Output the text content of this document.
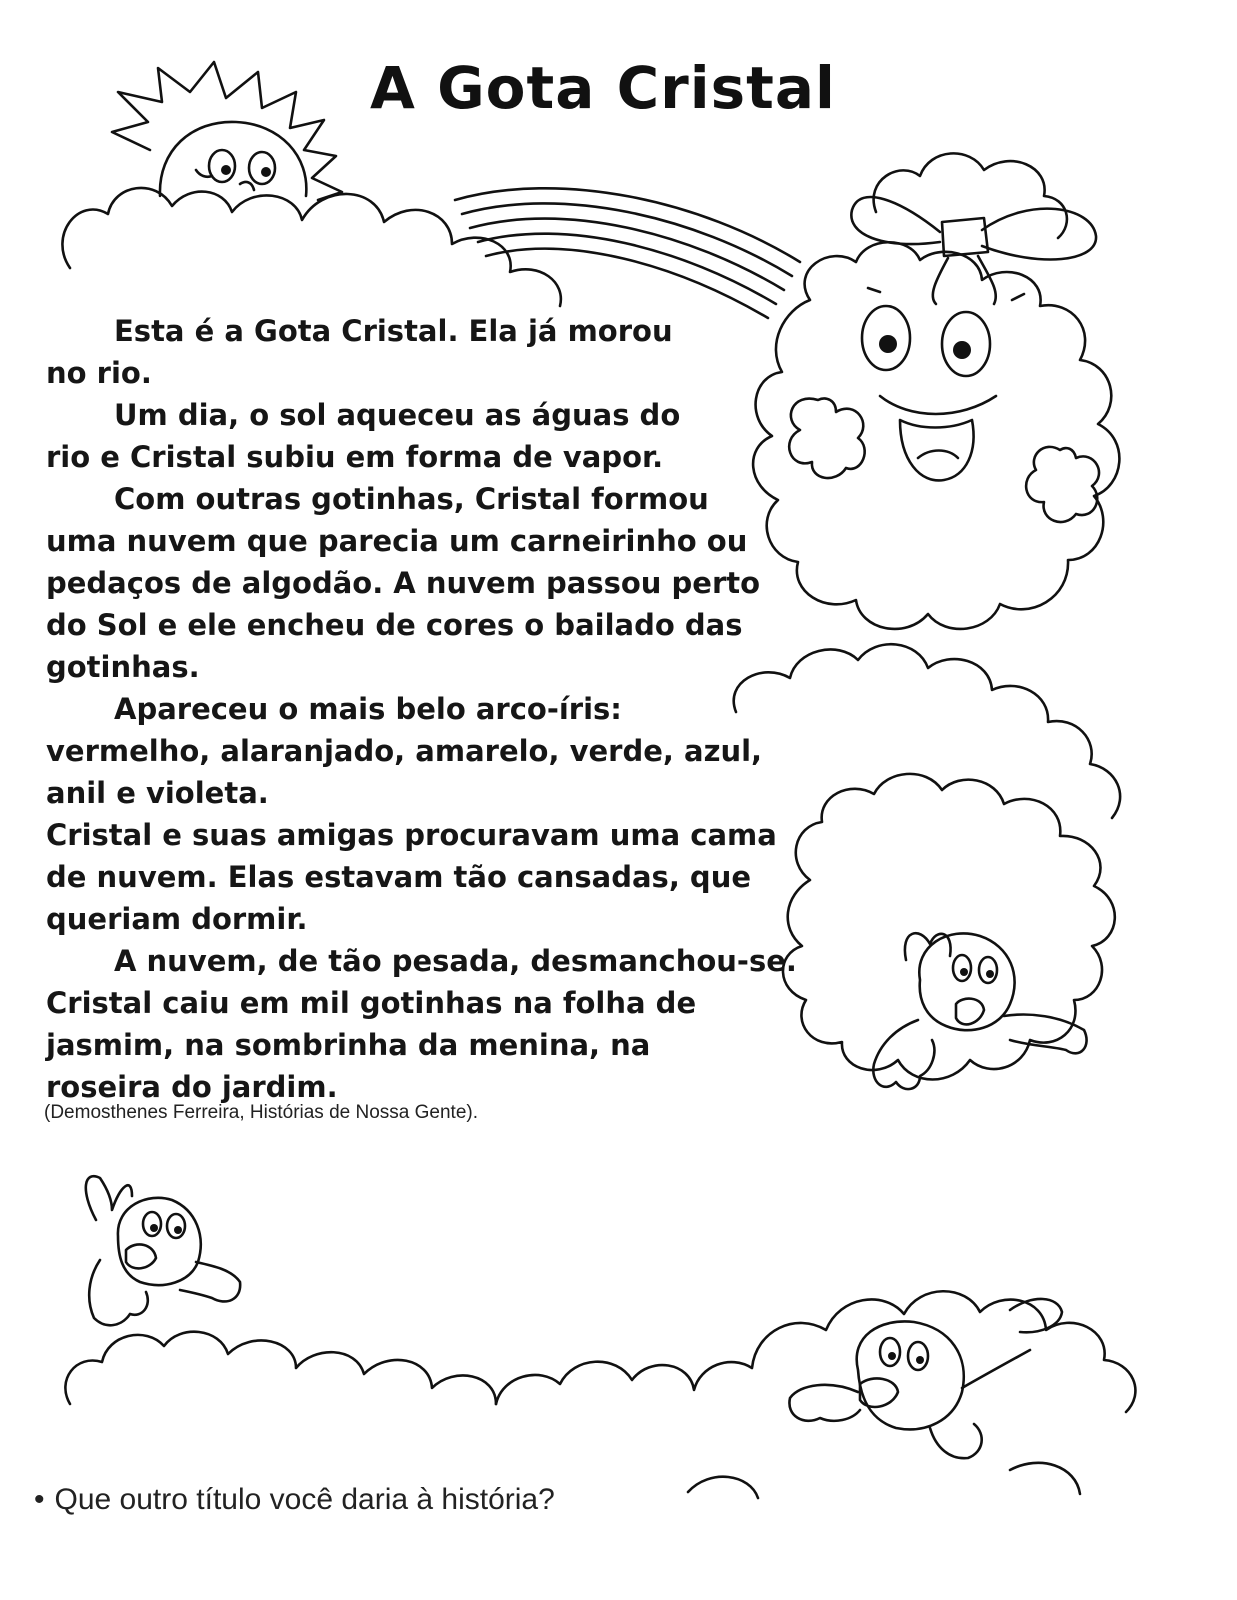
A Gota Cristal
Esta é a Gota Cristal. Ela já morou
no rio.
Um dia, o sol aqueceu as águas do
rio e Cristal subiu em forma de vapor.
Com outras gotinhas, Cristal formou
uma nuvem que parecia um carneirinho ou
pedaços de algodão. A nuvem passou perto
do Sol e ele encheu de cores o bailado das
gotinhas.
Apareceu o mais belo arco-íris:
vermelho, alaranjado, amarelo, verde, azul,
anil e violeta.
Cristal e suas amigas procuravam uma cama
de nuvem. Elas estavam tão cansadas, que
queriam dormir.
A nuvem, de tão pesada, desmanchou-se.
Cristal caiu em mil gotinhas na folha de
jasmim, na sombrinha da menina, na
roseira do jardim.
(Demosthenes Ferreira, Histórias de Nossa Gente).
• Que outro título você daria à história?
